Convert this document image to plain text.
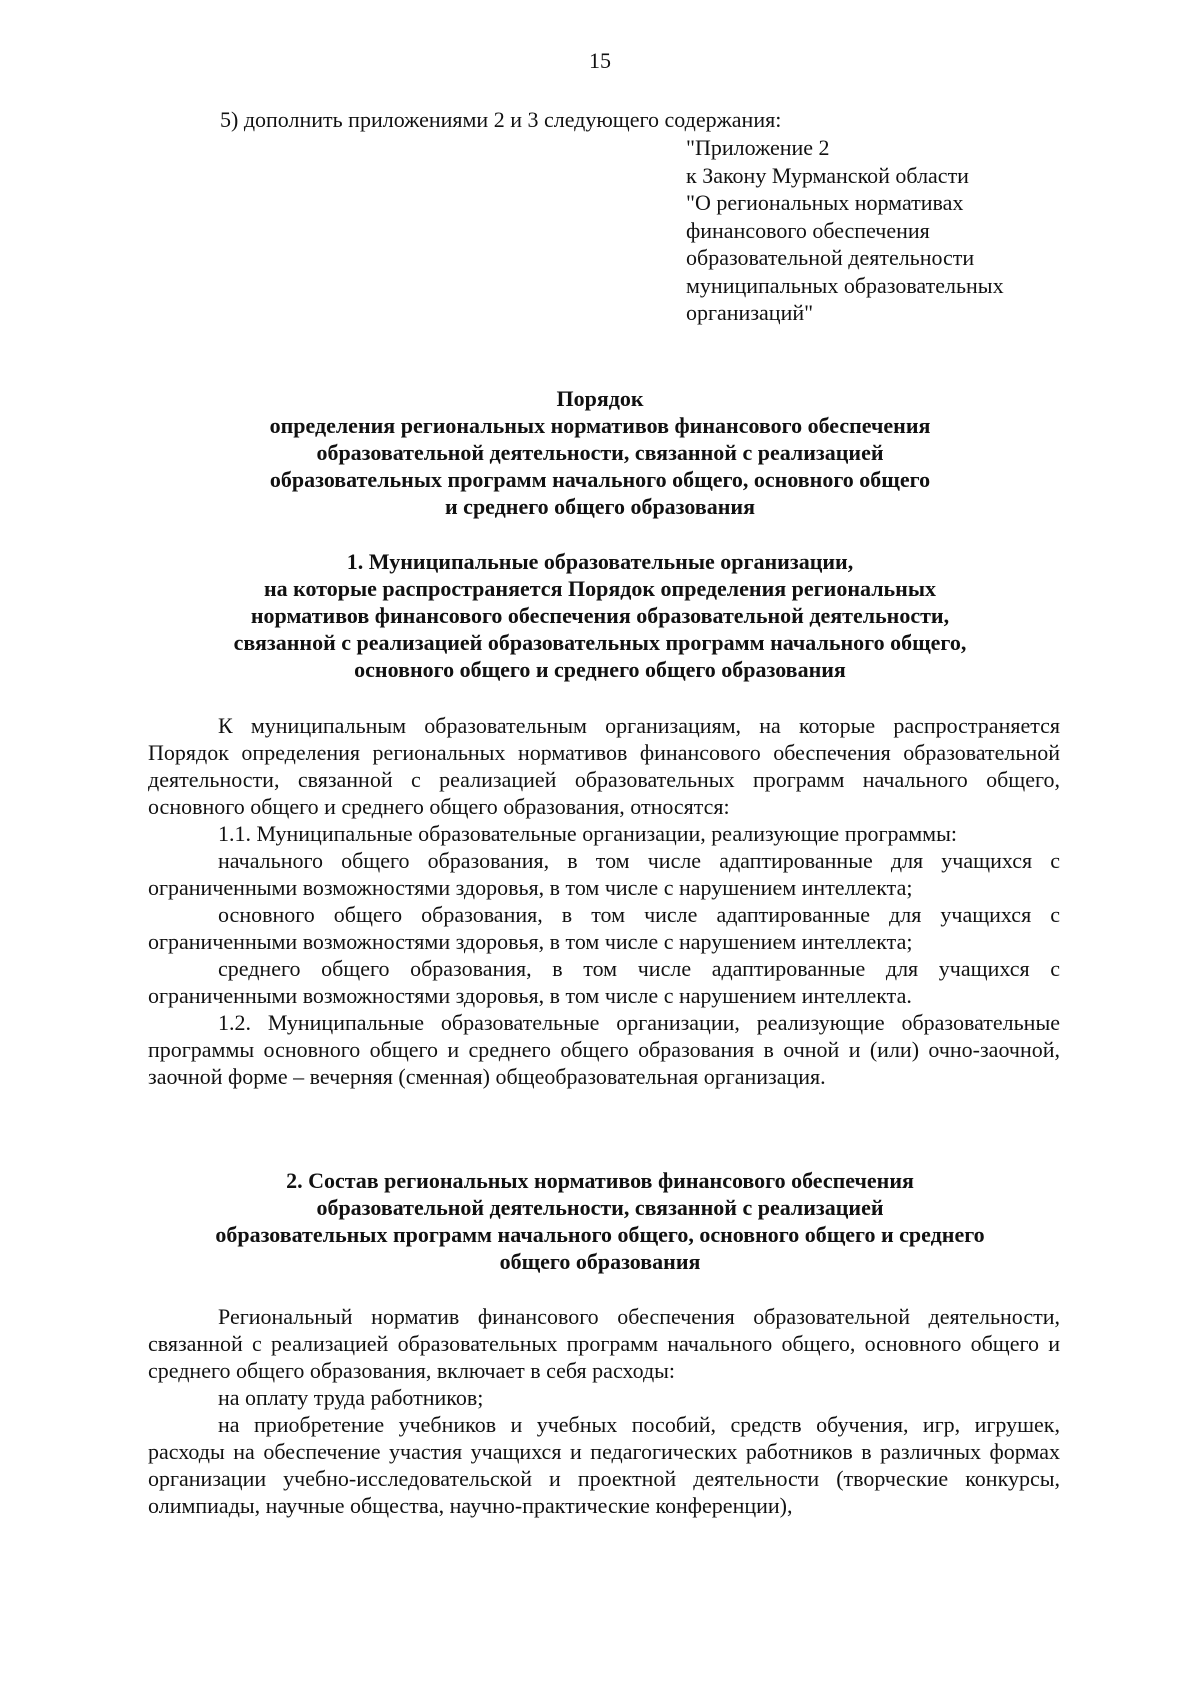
15

5) дополнить приложениями 2 и 3 следующего содержания:

"Приложение 2
к Закону Мурманской области
"О региональных нормативах
финансового обеспечения
образовательной деятельности
муниципальных образовательных
организаций"
Порядок
определения региональных нормативов финансового обеспечения
образовательной деятельности, связанной с реализацией
образовательных программ начального общего, основного общего
и среднего общего образования
1. Муниципальные образовательные организации,
на которые распространяется Порядок определения региональных
нормативов финансового обеспечения образовательной деятельности,
связанной с реализацией образовательных программ начального общего,
основного общего и среднего общего образования

К муниципальным образовательным организациям, на которые распространяется Порядок определения региональных нормативов финансового обеспечения образовательной деятельности, связанной с реализацией образовательных программ начального общего, основного общего и среднего общего образования, относятся:

1.1. Муниципальные образовательные организации, реализующие программы:

начального общего образования, в том числе адаптированные для учащихся с ограниченными возможностями здоровья, в том числе с нарушением интеллекта;

основного общего образования, в том числе адаптированные для учащихся с ограниченными возможностями здоровья, в том числе с нарушением интеллекта;

среднего общего образования, в том числе адаптированные для учащихся с ограниченными возможностями здоровья, в том числе с нарушением интеллекта.

1.2. Муниципальные образовательные организации, реализующие образовательные программы основного общего и среднего общего образования в очной и (или) очно-заочной, заочной форме – вечерняя (сменная) общеобразовательная организация.

2. Состав региональных нормативов финансового обеспечения
образовательной деятельности, связанной с реализацией
образовательных программ начального общего, основного общего и среднего
общего образования

Региональный норматив финансового обеспечения образовательной деятельности, связанной с реализацией образовательных программ начального общего, основного общего и среднего общего образования, включает в себя расходы:

на оплату труда работников;

на приобретение учебников и учебных пособий, средств обучения, игр, игрушек, расходы на обеспечение участия учащихся и педагогических работников в различных формах организации учебно-исследовательской и проектной деятельности (творческие конкурсы, олимпиады, научные общества, научно-практические конференции),
